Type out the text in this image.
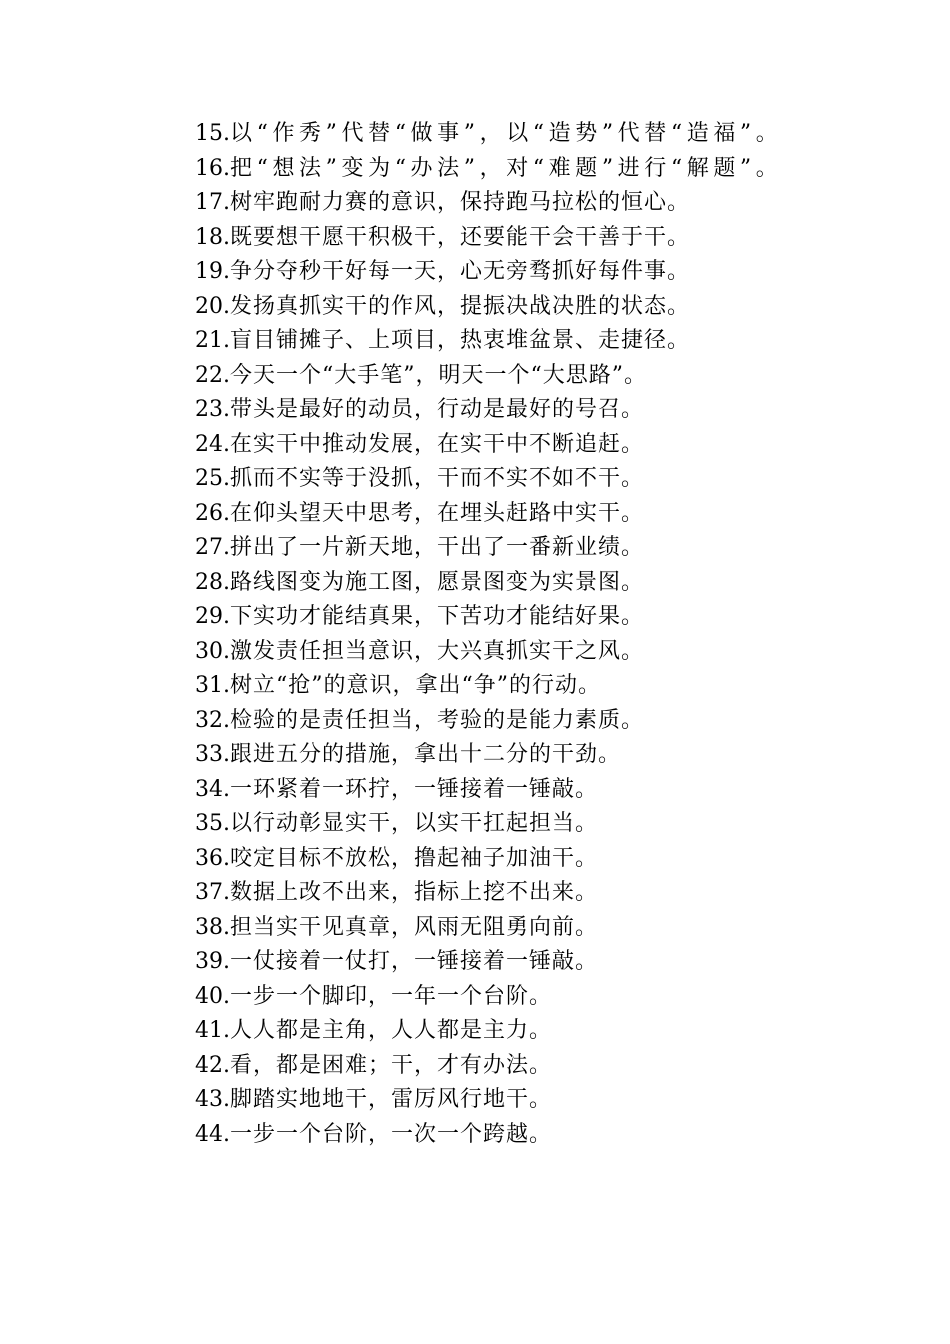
15.以“作秀”代替“做事”，以“造势”代替“造福”。

16.把“想法”变为“办法”，对“难题”进行“解题”。

17.树牢跑耐力赛的意识，保持跑马拉松的恒心。

18.既要想干愿干积极干，还要能干会干善于干。

19.争分夺秒干好每一天，心无旁骛抓好每件事。

20.发扬真抓实干的作风，提振决战决胜的状态。

21.盲目铺摊子、上项目，热衷堆盆景、走捷径。

22.今天一个“大手笔”，明天一个“大思路”。

23.带头是最好的动员，行动是最好的号召。

24.在实干中推动发展，在实干中不断追赶。

25.抓而不实等于没抓，干而不实不如不干。

26.在仰头望天中思考，在埋头赶路中实干。

27.拼出了一片新天地，干出了一番新业绩。

28.路线图变为施工图，愿景图变为实景图。

29.下实功才能结真果，下苦功才能结好果。

30.激发责任担当意识，大兴真抓实干之风。

31.树立“抢”的意识，拿出“争”的行动。

32.检验的是责任担当，考验的是能力素质。

33.跟进五分的措施，拿出十二分的干劲。

34.一环紧着一环拧，一锤接着一锤敲。

35.以行动彰显实干，以实干扛起担当。

36.咬定目标不放松，撸起袖子加油干。

37.数据上改不出来，指标上挖不出来。

38.担当实干见真章，风雨无阻勇向前。

39.一仗接着一仗打，一锤接着一锤敲。

40.一步一个脚印，一年一个台阶。

41.人人都是主角，人人都是主力。

42.看，都是困难；干，才有办法。

43.脚踏实地地干，雷厉风行地干。

44.一步一个台阶，一次一个跨越。
